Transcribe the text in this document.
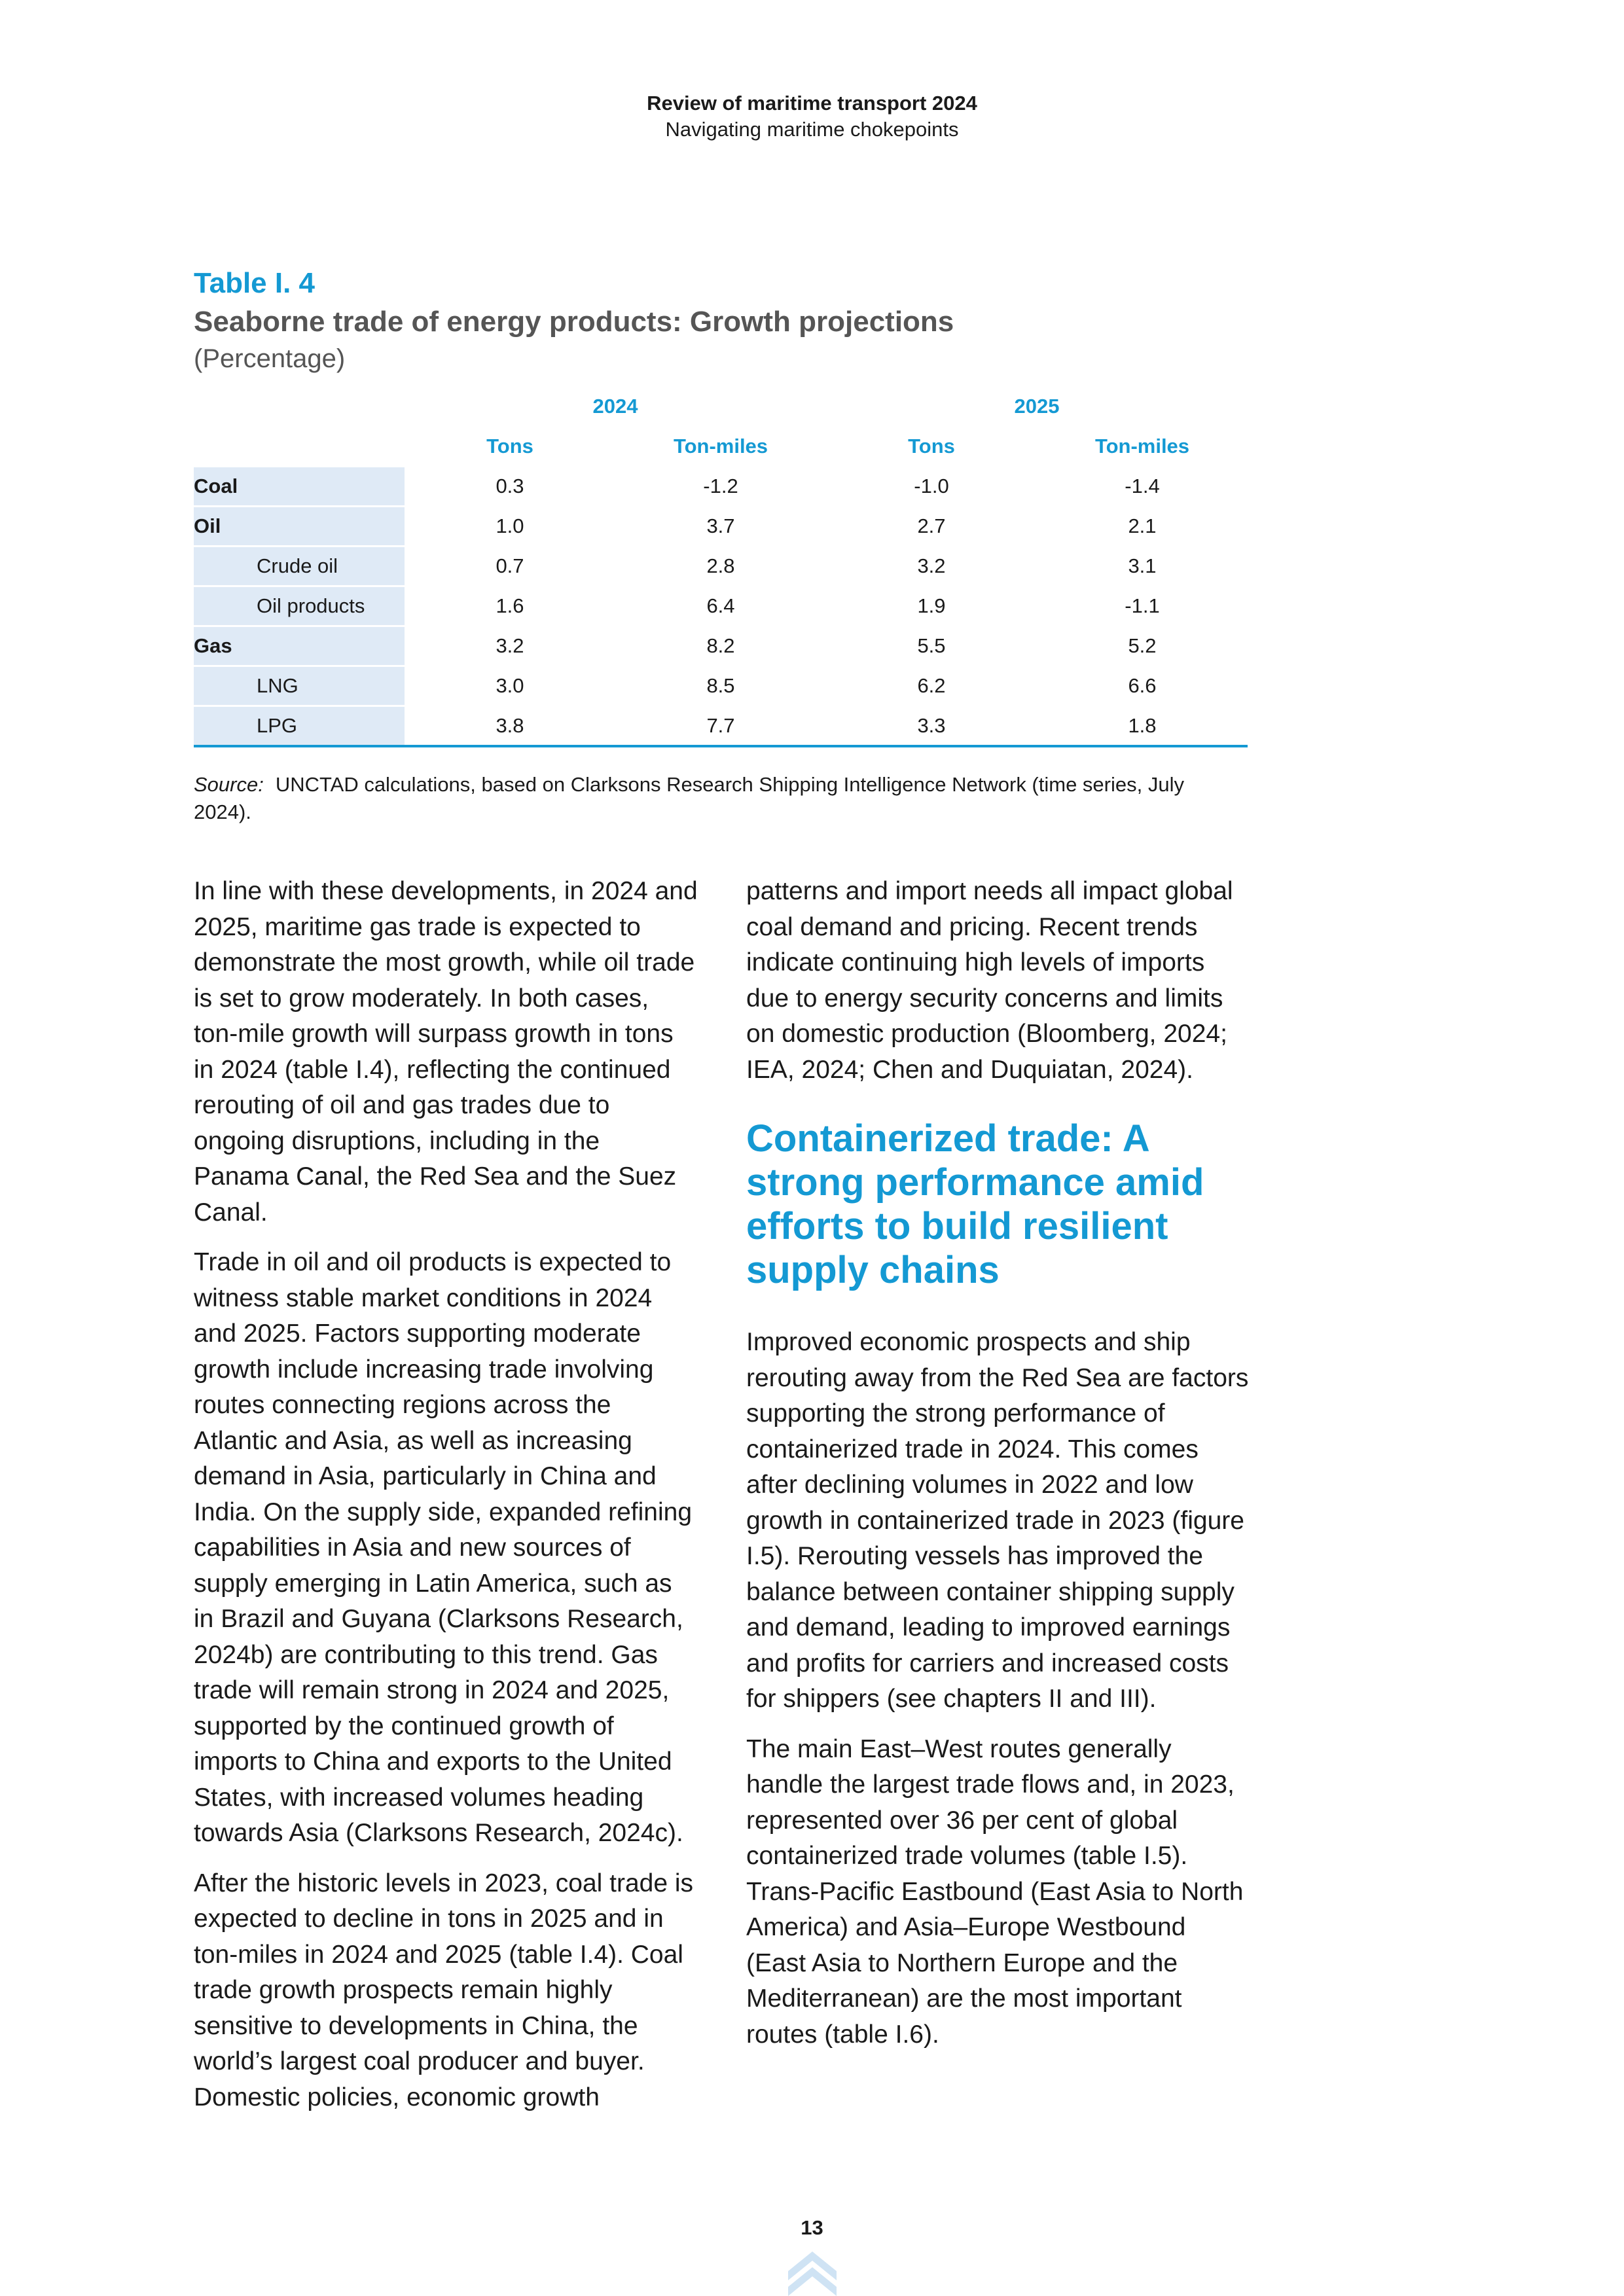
Review of maritime transport 2024
Navigating maritime chokepoints
Table I. 4
Seaborne trade of energy products: Growth projections
(Percentage)
	2024		2025	
	Tons	Ton-miles	Tons	Ton-miles
Coal	0.3	-1.2	-1.0	-1.4
Oil	1.0	3.7	2.7	2.1
Crude oil	0.7	2.8	3.2	3.1
Oil products	1.6	6.4	1.9	-1.1
Gas	3.2	8.2	5.5	5.2
LNG	3.0	8.5	6.2	6.6
LPG	3.8	7.7	3.3	1.8
Source: UNCTAD calculations, based on Clarksons Research Shipping Intelligence Network (time series, July 2024).

In line with these developments, in 2024 and 2025, maritime gas trade is expected to demonstrate the most growth, while oil trade is set to grow moderately. In both cases, ton-mile growth will surpass growth in tons in 2024 (table I.4), reflecting the continued rerouting of oil and gas trades due to ongoing disruptions, including in the Panama Canal, the Red Sea and the Suez Canal.

Trade in oil and oil products is expected to witness stable market conditions in 2024 and 2025. Factors supporting moderate growth include increasing trade involving routes connecting regions across the Atlantic and Asia, as well as increasing demand in Asia, particularly in China and India. On the supply side, expanded refining capabilities in Asia and new sources of supply emerging in Latin America, such as in Brazil and Guyana (Clarksons Research, 2024b) are contributing to this trend. Gas trade will remain strong in 2024 and 2025, supported by the continued growth of imports to China and exports to the United States, with increased volumes heading towards Asia (Clarksons Research, 2024c).

After the historic levels in 2023, coal trade is expected to decline in tons in 2025 and in ton-miles in 2024 and 2025 (table I.4). Coal trade growth prospects remain highly sensitive to developments in China, the world’s largest coal producer and buyer. Domestic policies, economic growth

patterns and import needs all impact global coal demand and pricing. Recent trends indicate continuing high levels of imports due to energy security concerns and limits on domestic production (Bloomberg, 2024; IEA, 2024; Chen and Duquiatan, 2024).

Containerized trade: A strong performance amid efforts to build resilient supply chains

Improved economic prospects and ship rerouting away from the Red Sea are factors supporting the strong performance of containerized trade in 2024. This comes after declining volumes in 2022 and low growth in containerized trade in 2023 (figure I.5). Rerouting vessels has improved the balance between container shipping supply and demand, leading to improved earnings and profits for carriers and increased costs for shippers (see chapters II and III).

The main East–West routes generally handle the largest trade flows and, in 2023, represented over 36 per cent of global containerized trade volumes (table I.5). Trans-Pacific Eastbound (East Asia to North America) and Asia–Europe Westbound (East Asia to Northern Europe and the Mediterranean) are the most important routes (table I.6).

13
